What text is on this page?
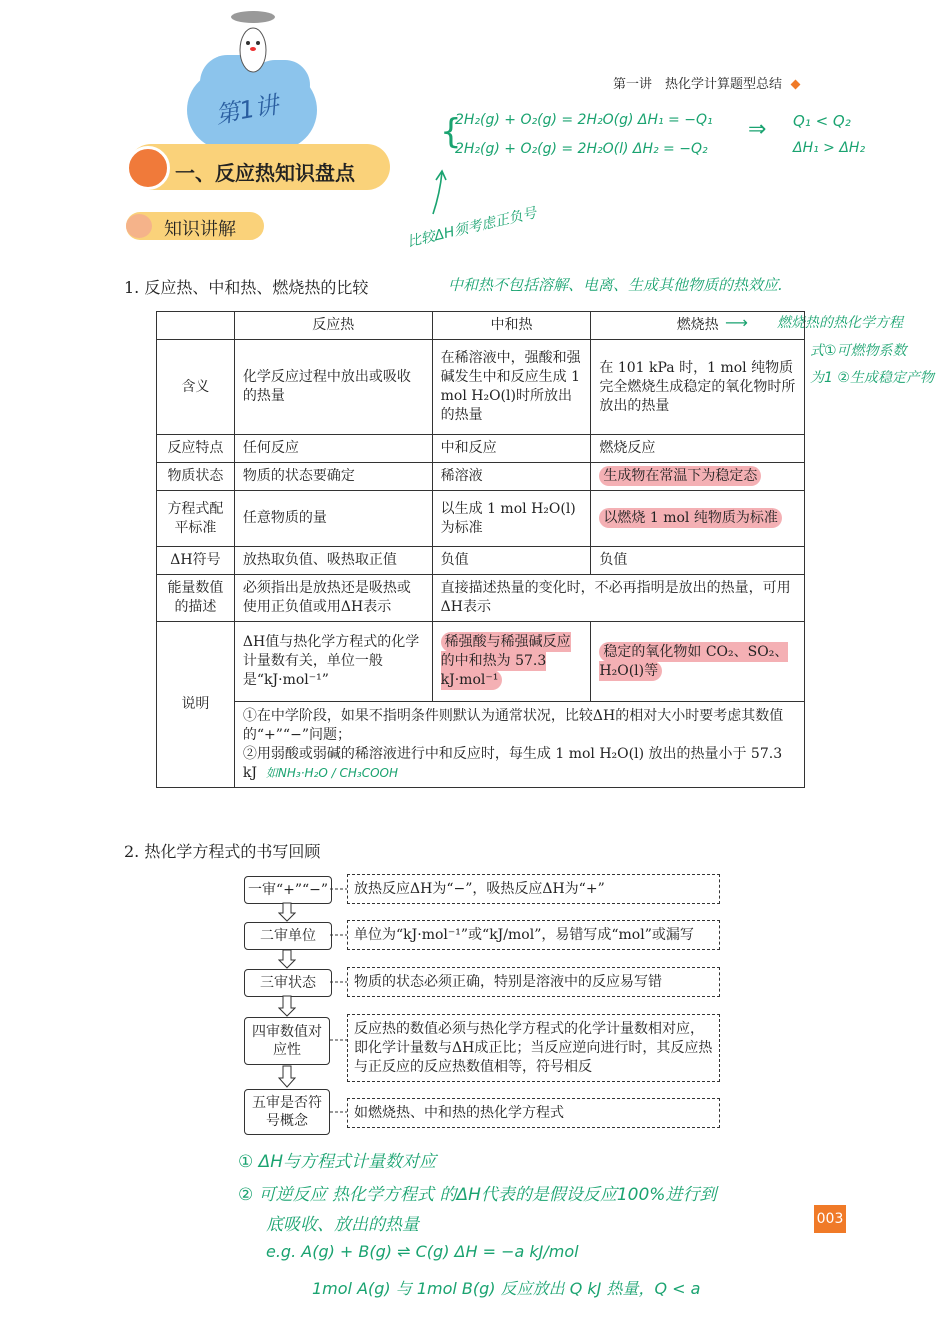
第一讲　热化学计算题型总结
第1讲
一、反应热知识盘点
知识讲解
2H₂(g) + O₂(g) = 2H₂O(g) ΔH₁ = −Q₁
2H₂(g) + O₂(g) = 2H₂O(l) ΔH₂ = −Q₂
{	⇒ Q₁ < Q₂
ΔH₁ > ΔH₂
比较ΔH须考虑正负号
中和热不包括溶解、电离、生成其他物质的热效应.
燃烧热的热化学方程
式①可燃物系数
为1 ②生成稳定产物
⟶
1. 反应热、中和热、燃烧热的比较
	反应热	中和热	燃烧热
含义	化学反应过程中放出或吸收的热量	在稀溶液中，强酸和强碱发生中和反应生成 1 mol H₂O(l)时所放出的热量	在 101 kPa 时，1 mol 纯物质完全燃烧生成稳定的氧化物时所放出的热量
反应特点	任何反应	中和反应	燃烧反应
物质状态	物质的状态要确定	稀溶液	生成物在常温下为稳定态
方程式配平标准	任意物质的量	以生成 1 mol H₂O(l)为标准	以燃烧 1 mol 纯物质为标准
ΔH符号	放热取负值、吸热取正值	负值	负值
能量数值的描述	必须指出是放热还是吸热或使用正负值或用ΔH表示	直接描述热量的变化时，不必再指明是放出的热量，可用ΔH表示	
说明	ΔH值与热化学方程式的化学计量数有关，单位一般是“kJ·mol⁻¹”	稀强酸与稀强碱反应的中和热为 57.3 kJ·mol⁻¹	稳定的氧化物如 CO₂、SO₂、H₂O(l)等

	①在中学阶段，如果不指明条件则默认为通常状况，比较ΔH的相对大小时要考虑其数值的“+”“−”问题；
②用弱酸或弱碱的稀溶液进行中和反应时，每生成 1 mol H₂O(l) 放出的热量小于 57.3 kJ 如NH₃·H₂O / CH₃COOH		
2. 热化学方程式的书写回顾
一审“+”“−”	放热反应ΔH为“−”，吸热反应ΔH为“+”
二审单位	单位为“kJ·mol⁻¹”或“kJ/mol”，易错写成“mol”或漏写
三审状态	物质的状态必须正确，特别是溶液中的反应易写错
四审数值对应性
反应热的数值必须与热化学方程式的化学计量数相对应，即化学计量数与ΔH成正比；当反应逆向进行时，其反应热与正反应的反应热数值相等，符号相反
五审是否符号概念
如燃烧热、中和热的热化学方程式
① ΔH与方程式计量数对应
② 可逆反应 热化学方程式 的ΔH代表的是假设反应100%进行到
底吸收、放出的热量
e.g. A(g) + B(g) ⇌ C(g) ΔH = −a kJ/mol
1mol A(g) 与 1mol B(g) 反应放出 Q kJ 热量，Q < a
003
